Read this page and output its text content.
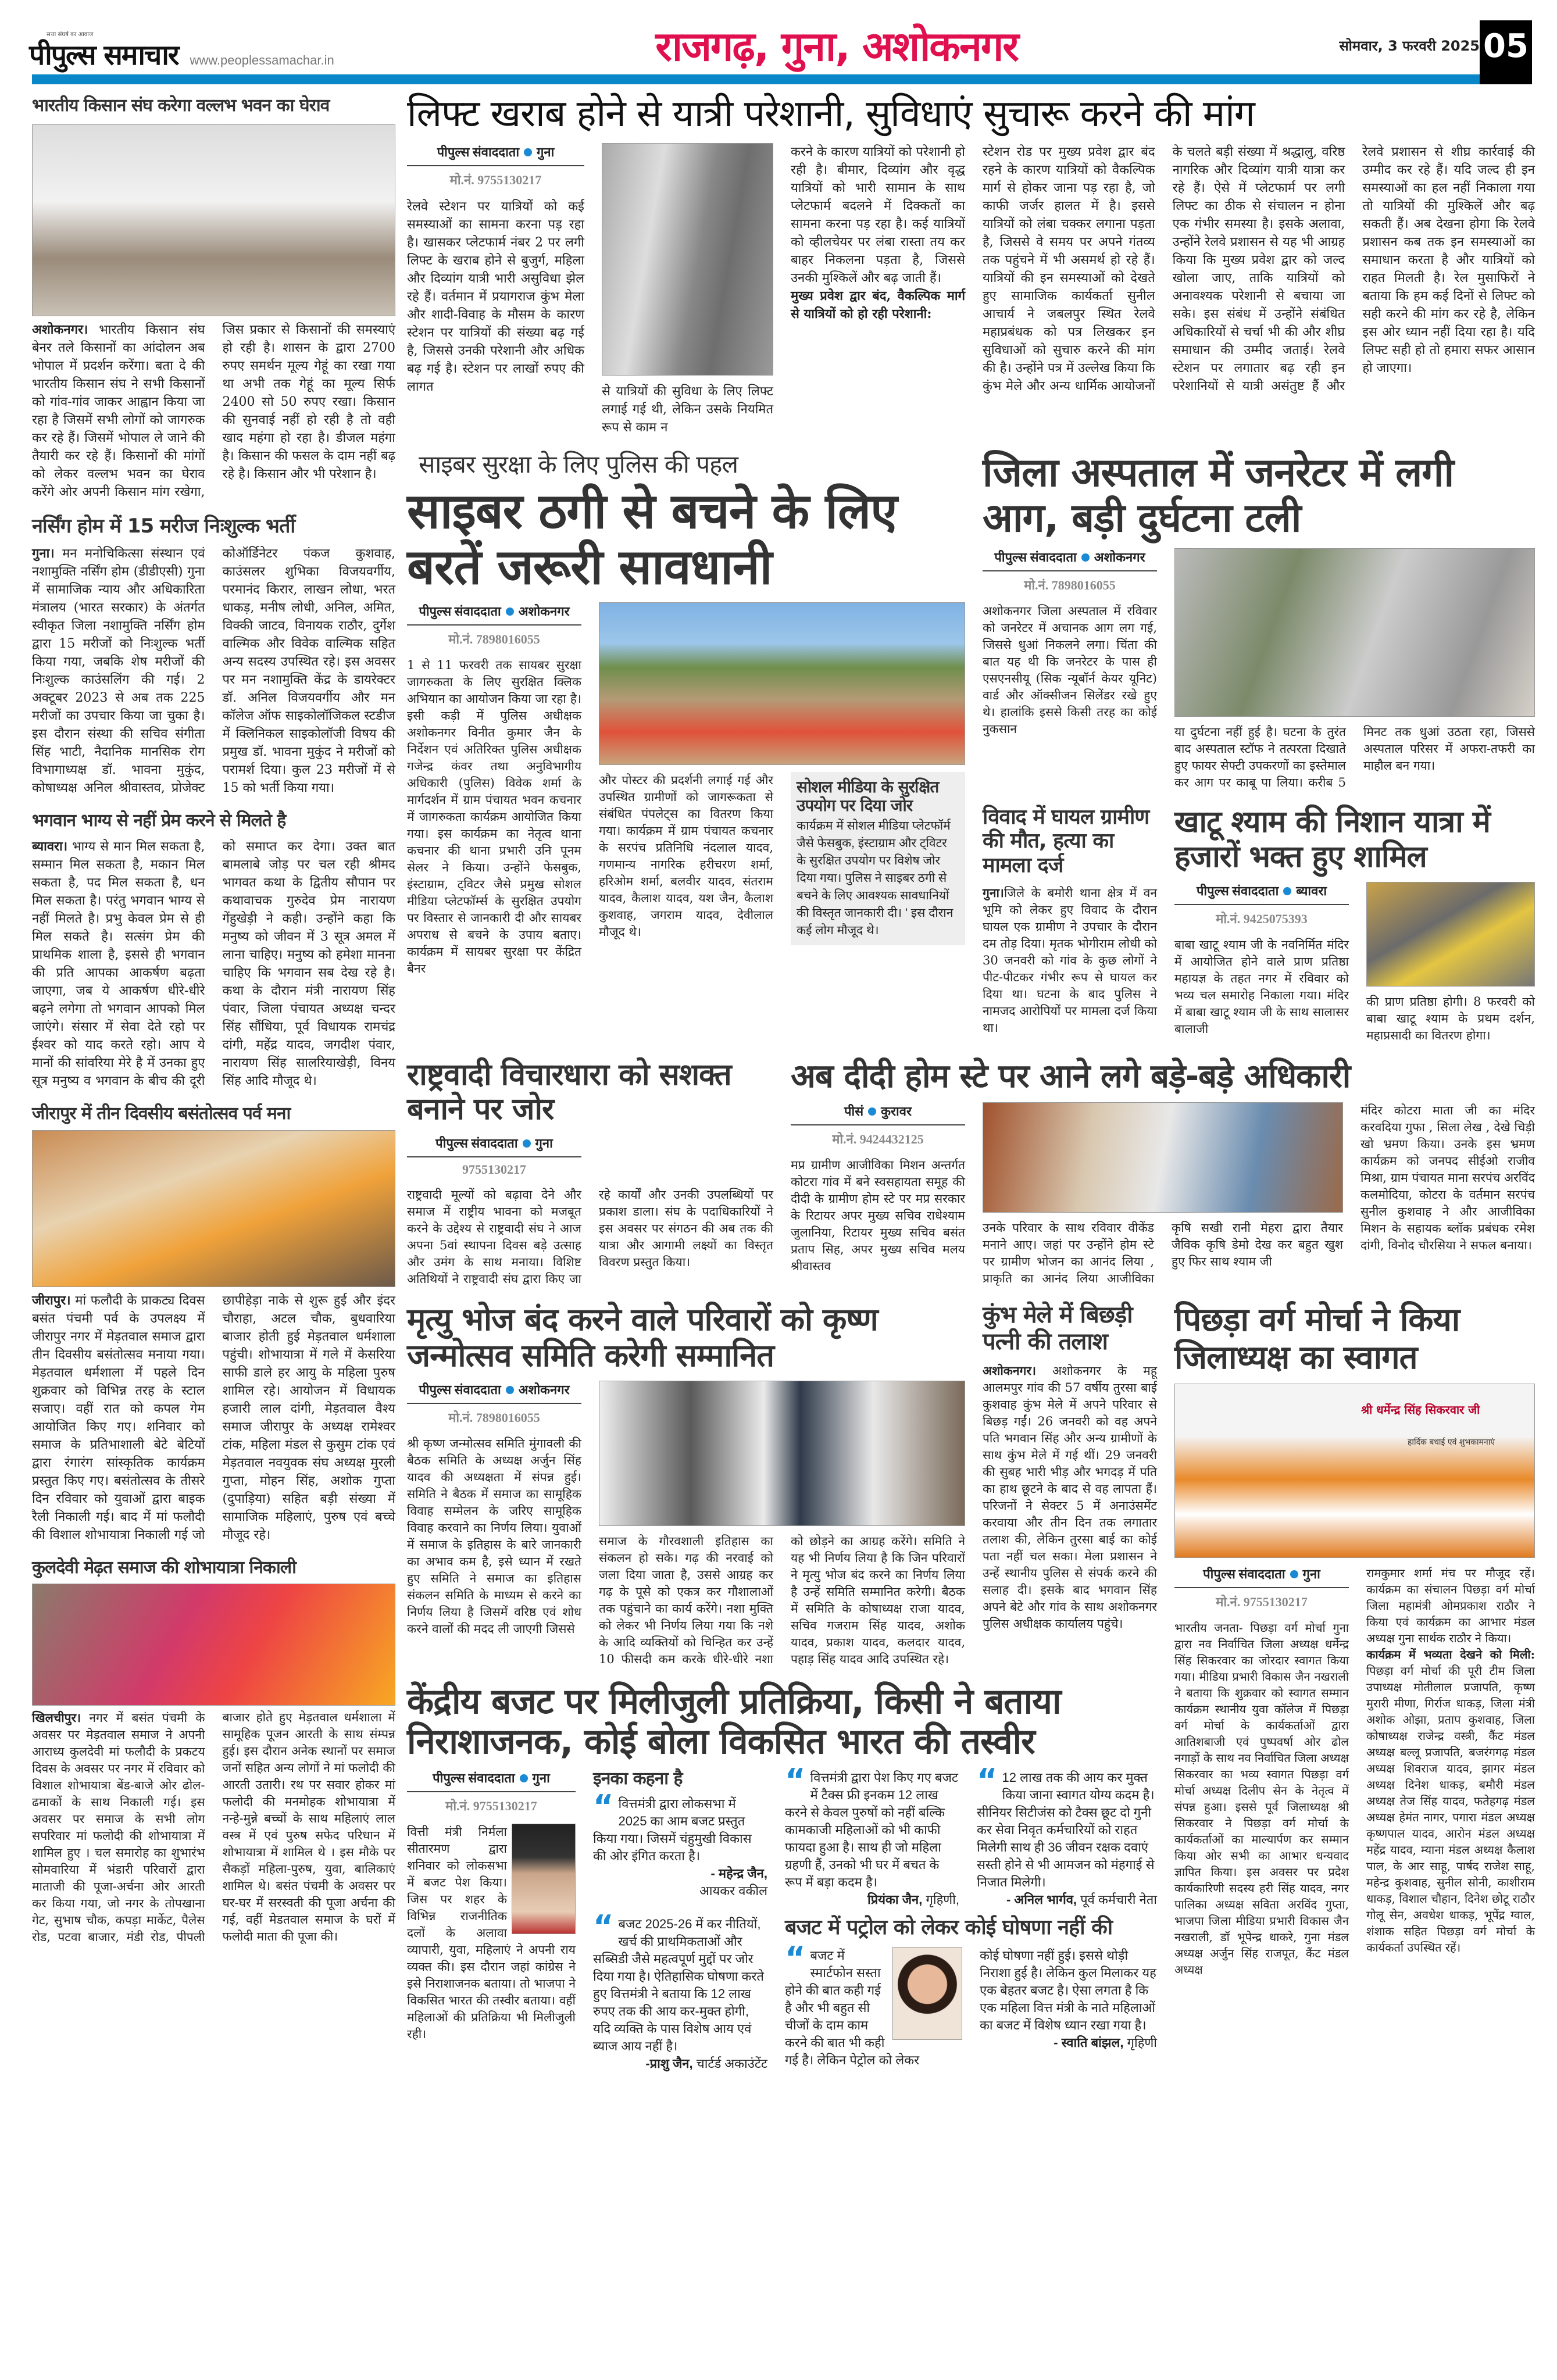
सत्ता संघर्ष का आवाज
पीपुल्स समाचार www.peoplessamachar.in	राजगढ़, गुना, अशोकनगर	सोमवार, 3 फरवरी 2025 05
भारतीय किसान संघ करेगा वल्लभ भवन का घेराव
अशोकनगर। भारतीय किसान संघ बेनर तले किसानों का आंदोलन अब भोपाल में प्रदर्शन करेंगा। बता दे की भारतीय किसान संघ ने सभी किसानों को गांव-गांव जाकर आह्वान किया जा रहा है जिसमें सभी लोगों को जागरुक कर रहे हैं। जिसमें भोपाल ले जाने की तैयारी कर रहे हैं। किसानों की मांगों को लेकर वल्लभ भवन का घेराव करेंगे ओर अपनी किसान मांग रखेगा, जिस प्रकार से किसानों की समस्याएं हो रही है। शासन के द्वारा 2700 रुपए समर्थन मूल्य गेहूं का रखा गया था अभी तक गेहूं का मूल्य सिर्फ 2400 सो 50 रुपए रखा। किसान की सुनवाई नहीं हो रही है तो वही खाद महंगा हो रहा है। डीजल महंगा है। किसान की फसल के दाम नहीं बढ़ रहे है। किसान और भी परेशान है।
नर्सिंग होम में 15 मरीज निःशुल्क भर्ती
गुना। मन मनोचिकित्सा संस्थान एवं नशामुक्ति नर्सिंग होम (डीडीएसी) गुना में सामाजिक न्याय और अधिकारिता मंत्रालय (भारत सरकार) के अंतर्गत स्वीकृत जिला नशामुक्ति नर्सिंग होम द्वारा 15 मरीजों को निःशुल्क भर्ती किया गया, जबकि शेष मरीजों की निःशुल्क काउंसलिंग की गई। 2 अक्टूबर 2023 से अब तक 225 मरीजों का उपचार किया जा चुका है। इस दौरान संस्था की सचिव संगीता सिंह भाटी, नैदानिक मानसिक रोग विभागाध्यक्ष डॉ. भावना मुकुंद, कोषाध्यक्ष अनिल श्रीवास्तव, प्रोजेक्ट कोऑर्डिनेटर पंकज कुशवाह, काउंसलर शुभिका विजयवर्गीय, परमानंद किरार, लाखन लोधा, भरत धाकड़, मनीष लोधी, अनिल, अमित, विक्की जाटव, विनायक राठौर, दुर्गेश वाल्मिक और विवेक वाल्मिक सहित अन्य सदस्य उपस्थित रहे। इस अवसर पर मन नशामुक्ति केंद्र के डायरेक्टर डॉ. अनिल विजयवर्गीय और मन कॉलेज ऑफ साइकोलॉजिकल स्टडीज में क्लिनिकल साइकोलॉजी विषय की प्रमुख डॉ. भावना मुकुंद ने मरीजों को परामर्श दिया। कुल 23 मरीजों में से 15 को भर्ती किया गया।
भगवान भाग्य से नहीं प्रेम करने से मिलते है
ब्यावरा। भाग्य से मान मिल सकता है, सम्मान मिल सकता है, मकान मिल सकता है, पद मिल सकता है, धन मिल सकता है। परंतु भगवान भाग्य से नहीं मिलते है। प्रभु केवल प्रेम से ही मिल सकते है। सत्संग प्रेम की प्राथमिक शाला है, इससे ही भगवान की प्रति आपका आकर्षण बढ़ता जाएगा, जब ये आकर्षण धीरे-धीरे बढ़ने लगेगा तो भगवान आपको मिल जाएंगे। संसार में सेवा देते रहो पर ईश्वर को याद करते रहो। आप ये मानों की सांवरिया मेरे है में उनका हुए सूत्र मनुष्य व भगवान के बीच की दूरी को समाप्त कर देगा। उक्त बात बामलाबे जोड़ पर चल रही श्रीमद भागवत कथा के द्वितीय सौपान पर कथावाचक गुरुदेव प्रेम नारायण गेंहुखेड़ी ने कही। उन्होंने कहा कि मनुष्य को जीवन में 3 सूत्र अमल में लाना चाहिए। मनुष्य को हमेशा मानना चाहिए कि भगवान सब देख रहे है। कथा के दौरान मंत्री नारायण सिंह पंवार, जिला पंचायत अध्यक्ष चन्दर सिंह सौंधिया, पूर्व विधायक रामचंद्र दांगी, महेंद्र यादव, जगदीश पंवार, नारायण सिंह सालरियाखेड़ी, विनय सिंह आदि मौजूद थे।
जीरापुर में तीन दिवसीय बसंतोत्सव पर्व मना
जीरापुर। मां फलौदी के प्राकट्य दिवस बसंत पंचमी पर्व के उपलक्ष्य में जीरापुर नगर में मेड़तवाल समाज द्वारा तीन दिवसीय बसंतोत्सव मनाया गया। मेड़तवाल धर्मशाला में पहले दिन शुक्रवार को विभिन्न तरह के स्टाल सजाए। वहीं रात को कपल गेम आयोजित किए गए। शनिवार को समाज के प्रतिभाशाली बेटे बेटियों द्वारा रंगारंग सांस्कृतिक कार्यक्रम प्रस्तुत किए गए। बसंतोत्सव के तीसरे दिन रविवार को युवाओं द्वारा बाइक रैली निकाली गई। बाद में मां फलौदी की विशाल शोभायात्रा निकाली गई जो छापीहेड़ा नाके से शुरू हुई और इंदर चौराहा, अटल चौक, बुधवारिया बाजार होती हुई मेड़तवाल धर्मशाला पहुंची। शोभायात्रा में गले में केसरिया साफी डाले हर आयु के महिला पुरुष शामिल रहे। आयोजन में विधायक हजारी लाल दांगी, मेड़तवाल वैश्य समाज जीरापुर के अध्यक्ष रामेश्वर टांक, महिला मंडल से कुसुम टांक एवं मेड़तवाल नवयुवक संघ अध्यक्ष मुरली गुप्ता, मोहन सिंह, अशोक गुप्ता (दुपाड़िया) सहित बड़ी संख्या में सामाजिक महिलाएं, पुरुष एवं बच्चे मौजूद रहे।
कुलदेवी मेढ़त समाज की शोभायात्रा निकाली
खिलचीपुर। नगर में बसंत पंचमी के अवसर पर मेड़तवाल समाज ने अपनी आराध्य कुलदेवी मां फलौदी के प्रकटय दिवस के अवसर पर नगर में रविवार को विशाल शोभायात्रा बेंड-बाजे ओर ढोल-ढमाकों के साथ निकाली गई। इस अवसर पर समाज के सभी लोग सपरिवार मां फलोदी की शोभायात्रा में शामिल हुए । चल समारोह का शुभारंभ सोमवारिया में भंडारी परिवारों द्वारा माताजी की पूजा-अर्चना ओर आरती कर किया गया, जो नगर के तोपखाना गेट, सुभाष चौक, कपड़ा मार्केट, पैलेस रोड, पटवा बाजार, मंडी रोड, पीपली बाजार होते हुए मेड़तवाल धर्मशाला में सामूहिक पूजन आरती के साथ संम्पन्न हुई। इस दौरान अनेक स्थानों पर समाज जनों सहित अन्य लोगों ने मां फलोदी की आरती उतारी। रथ पर सवार होकर मां फलोदी की मनमोहक शोभायात्रा में नन्हे-मुन्ने बच्चों के साथ महिलाएं लाल वस्त्र में एवं पुरुष सफेद परिधान में शोभायात्रा में शामिल थे । इस मौके पर सैकड़ों महिला-पुरुष, युवा, बालिकाएं शामिल थे। बसंत पंचमी के अवसर पर घर-घर में सरस्वती की पूजा अर्चना की गई, वहीं मेडतवाल समाज के घरों में फलोदी माता की पूजा की।
लिफ्ट खराब होने से यात्री परेशानी, सुविधाएं सुचारू करने की मांग
पीपुल्स संवाददाता गुना
मो.नं. 9755130217
रेलवे स्टेशन पर यात्रियों को कई समस्याओं का सामना करना पड़ रहा है। खासकर प्लेटफार्म नंबर 2 पर लगी लिफ्ट के खराब होने से बुजुर्ग, महिला और दिव्यांग यात्री भारी असुविधा झेल रहे हैं। वर्तमान में प्रयागराज कुंभ मेला और शादी-विवाह के मौसम के कारण स्टेशन पर यात्रियों की संख्या बढ़ गई है, जिससे उनकी परेशानी और अधिक बढ़ गई है। स्टेशन पर लाखों रुपए की लागत	से यात्रियों की सुविधा के लिए लिफ्ट लगाई गई थी, लेकिन उसके नियमित रूप से काम न
करने के कारण यात्रियों को परेशानी हो रही है। बीमार, दिव्यांग और वृद्ध यात्रियों को भारी सामान के साथ प्लेटफार्म बदलने में दिक्कतों का सामना करना पड़ रहा है। कई यात्रियों को व्हीलचेयर पर लंबा रास्ता तय कर बाहर निकलना पड़ता है, जिससे उनकी मुश्किलें और बढ़ जाती हैं।
मुख्य प्रवेश द्वार बंद, वैकल्पिक मार्ग से यात्रियों को हो रही परेशानी:
स्टेशन रोड पर मुख्य प्रवेश द्वार बंद रहने के कारण यात्रियों को वैकल्पिक मार्ग से होकर जाना पड़ रहा है, जो काफी जर्जर हालत में है। इससे यात्रियों को लंबा चक्कर लगाना पड़ता है, जिससे वे समय पर अपने गंतव्य तक पहुंचने में भी असमर्थ हो रहे हैं। यात्रियों की इन समस्याओं को देखते हुए सामाजिक कार्यकर्ता सुनील आचार्य ने जबलपुर स्थित रेलवे महाप्रबंधक को पत्र लिखकर इन सुविधाओं को सुचारु करने की मांग की है। उन्होंने पत्र में उल्लेख किया कि कुंभ मेले और अन्य धार्मिक आयोजनों के चलते बड़ी संख्या में श्रद्धालु, वरिष्ठ नागरिक और दिव्यांग यात्री यात्रा कर रहे हैं। ऐसे में प्लेटफार्म पर लगी लिफ्ट का ठीक से संचालन न होना एक गंभीर समस्या है। इसके अलावा, उन्होंने रेलवे प्रशासन से यह भी आग्रह किया कि मुख्य प्रवेश द्वार को जल्द खोला जाए, ताकि यात्रियों को अनावश्यक परेशानी से बचाया जा सके। इस संबंध में उन्होंने संबंधित अधिकारियों से चर्चा भी की और शीघ्र समाधान की उम्मीद जताई। रेलवे स्टेशन पर लगातार बढ़ रही इन परेशानियों से यात्री असंतुष्ट हैं और रेलवे प्रशासन से शीघ्र कार्रवाई की उम्मीद कर रहे हैं। यदि जल्द ही इन समस्याओं का हल नहीं निकाला गया तो यात्रियों की मुश्किलें और बढ़ सकती हैं। अब देखना होगा कि रेलवे प्रशासन कब तक इन समस्याओं का समाधान करता है और यात्रियों को राहत मिलती है। रेल मुसाफिरों ने बताया कि हम कई दिनों से लिफ्ट को सही करने की मांग कर रहे है, लेकिन इस ओर ध्यान नहीं दिया रहा है। यदि लिफ्ट सही हो तो हमारा सफर आसान हो जाएगा।
साइबर सुरक्षा के लिए पुलिस की पहल
साइबर ठगी से बचने के लिए बरतें जरूरी सावधानी
पीपुल्स संवाददाता अशोकनगर
मो.नं. 7898016055
1 से 11 फरवरी तक सायबर सुरक्षा जागरुकता के लिए सुरक्षित क्लिक अभियान का आयोजन किया जा रहा है। इसी कड़ी में पुलिस अधीक्षक अशोकनगर विनीत कुमार जैन के निर्देशन एवं अतिरिक्त पुलिस अधीक्षक गजेन्द्र कंवर तथा अनुविभागीय अधिकारी (पुलिस) विवेक शर्मा के मार्गदर्शन में ग्राम पंचायत भवन कचनार में जागरुकता कार्यक्रम आयोजित किया गया। इस कार्यक्रम का नेतृत्व थाना कचनार की थाना प्रभारी उनि पूनम सेलर ने किया। उन्होंने फेसबुक, इंस्टाग्राम, ट्विटर जैसे प्रमुख सोशल मीडिया प्लेटफॉर्म्स के सुरक्षित उपयोग पर विस्तार से जानकारी दी और सायबर अपराध से बचने के उपाय बताए। कार्यक्रम में सायबर सुरक्षा पर केंद्रित बैनर
और पोस्टर की प्रदर्शनी लगाई गई और उपस्थित ग्रामीणों को जागरूकता से संबंधित पंपलेट्स का वितरण किया गया। कार्यक्रम में ग्राम पंचायत कचनार के सरपंच प्रतिनिधि नंदलाल यादव, गणमान्य नागरिक हरीचरण शर्मा, हरिओम शर्मा, बलवीर यादव, संतराम यादव, कैलाश यादव, यश जैन, कैलाश कुशवाह, जगराम यादव, देवीलाल मौजूद थे।
सोशल मीडिया के सुरक्षित उपयोग पर दिया जोर
कार्यक्रम में सोशल मीडिया प्लेटफॉर्म जैसे फेसबुक, इंस्टाग्राम और ट्विटर के सुरक्षित उपयोग पर विशेष जोर दिया गया। पुलिस ने साइबर ठगी से बचने के लिए आवश्यक सावधानियों की विस्तृत जानकारी दी। ' इस दौरान कई लोग मौजूद थे।
जिला अस्पताल में जनरेटर में लगी आग, बड़ी दुर्घटना टली
पीपुल्स संवाददाता अशोकनगर
मो.नं. 7898016055
अशोकनगर जिला अस्पताल में रविवार को जनरेटर में अचानक आग लग गई, जिससे धुआं निकलने लगा। चिंता की बात यह थी कि जनरेटर के पास ही एसएनसीयू (सिक न्यूबॉर्न केयर यूनिट) वार्ड और ऑक्सीजन सिलेंडर रखे हुए थे। हालांकि इससे किसी तरह का कोई नुकसान	या दुर्घटना नहीं हुई है। घटना के तुरंत बाद अस्पताल स्टॉफ ने तत्परता दिखाते हुए फायर सेफ्टी उपकरणों का इस्तेमाल कर आग पर काबू पा लिया। करीब 5 मिनट तक धुआं उठता रहा, जिससे अस्पताल परिसर में अफरा-तफरी का माहौल बन गया।
विवाद में घायल ग्रामीण की मौत, हत्या का मामला दर्ज
गुना।जिले के बमोरी थाना क्षेत्र में वन भूमि को लेकर हुए विवाद के दौरान घायल एक ग्रामीण ने उपचार के दौरान दम तोड़ दिया। मृतक भोगीराम लोधी को 30 जनवरी को गांव के कुछ लोगों ने पीट-पीटकर गंभीर रूप से घायल कर दिया था। घटना के बाद पुलिस ने नामजद आरोपियों पर मामला दर्ज किया था।
खाटू श्याम की निशान यात्रा में हजारों भक्त हुए शामिल
पीपुल्स संवाददाता ब्यावरा
मो.नं. 9425075393
बाबा खाटू श्याम जी के नवनिर्मित मंदिर में आयोजित होने वाले प्राण प्रतिष्ठा महायज्ञ के तहत नगर में रविवार को भव्य चल समारोह निकाला गया। मंदिर में बाबा खाटू श्याम जी के साथ सालासर बालाजी
की प्राण प्रतिष्ठा होगी। 8 फरवरी को बाबा खाटू श्याम के प्रथम दर्शन, महाप्रसादी का वितरण होगा।
राष्ट्रवादी विचारधारा को सशक्त बनाने पर जोर
पीपुल्स संवाददाता गुना
9755130217
राष्ट्रवादी मूल्यों को बढ़ावा देने और समाज में राष्ट्रीय भावना को मजबूत करने के उद्देश्य से राष्ट्रवादी संघ ने आज अपना 5वां स्थापना दिवस बड़े उत्साह और उमंग के साथ मनाया। विशिष्ट अतिथियों ने राष्ट्रवादी संघ द्वारा किए जा रहे कार्यों और उनकी उपलब्धियों पर प्रकाश डाला। संघ के पदाधिकारियों ने इस अवसर पर संगठन की अब तक की यात्रा और आगामी लक्ष्यों का विस्तृत विवरण प्रस्तुत किया।
अब दीदी होम स्टे पर आने लगे बड़े-बड़े अधिकारी
पीसं कुरावर
मो.नं. 9424432125
मप्र ग्रामीण आजीविका मिशन अन्तर्गत कोटरा गांव में बने स्वसहायता समूह की दीदी के ग्रामीण होम स्टे पर मप्र सरकार के रिटायर अपर मुख्य सचिव राधेश्याम जुलानिया, रिटायर मुख्य सचिव बसंत प्रताप सिह, अपर मुख्य सचिव मलय श्रीवास्तव
उनके परिवार के साथ रविवार वीकेंड मनाने आए। जहां पर उन्होंने होम स्टे पर ग्रामीण भोजन का आनंद लिया , प्राकृति का आनंद लिया आजीविका कृषि सखी रानी मेहरा द्वारा तैयार जैविक कृषि डेमो देख कर बहुत खुश हुए फिर साथ श्याम जी
मंदिर कोटरा माता जी का मंदिर करवदिया गुफा , सिला लेख , देखे चिड़ी खो भ्रमण किया। उनके इस भ्रमण कार्यक्रम को जनपद सीईओ राजीव मिश्रा, ग्राम पंचायत माना सरपंच अरविंद कलमोदिया, कोटरा के वर्तमान सरपंच सुनील कुशवाह ने और आजीविका मिशन के सहायक ब्लॉक प्रबंधक रमेश दांगी, विनोद चौरसिया ने सफल बनाया।
मृत्यु भोज बंद करने वाले परिवारों को कृष्ण जन्मोत्सव समिति करेगी सम्मानित
पीपुल्स संवाददाता अशोकनगर
मो.नं. 7898016055
श्री कृष्ण जन्मोत्सव समिति मुंगावली की बैठक समिति के अध्यक्ष अर्जुन सिंह यादव की अध्यक्षता में संपन्न हुई। समिति ने बैठक में समाज का सामूहिक विवाह सम्मेलन के जरिए सामूहिक विवाह करवाने का निर्णय लिया। युवाओं में समाज के इतिहास के बारे जानकारी का अभाव कम है, इसे ध्यान में रखते हुए समिति ने समाज का इतिहास संकलन समिति के माध्यम से करने का निर्णय लिया है जिसमें वरिष्ठ एवं शोध करने वालों की मदद ली जाएगी जिससे
समाज के गौरवशाली इतिहास का संकलन हो सके। गढ़ की नरवाई को जला दिया जाता है, उससे आग्रह कर गढ़ के पूसे को एकत्र कर गौशालाओं तक पहुंचाने का कार्य करेंगे। नशा मुक्ति को लेकर भी निर्णय लिया गया कि नशे के आदि व्यक्तियों को चिन्हित कर उन्हें 10 फीसदी कम करके धीरे-धीरे नशा को छोड़ने का आग्रह करेंगे। समिति ने यह भी निर्णय लिया है कि जिन परिवारों ने मृत्यु भोज बंद करने का निर्णय लिया है उन्हें समिति सम्मानित करेगी। बैठक में समिति के कोषाध्यक्ष राजा यादव, सचिव गजराम सिंह यादव, अशोक यादव, प्रकाश यादव, कलदार यादव, पहाड़ सिंह यादव आदि उपस्थित रहे।
कुंभ मेले में बिछड़ी पत्नी की तलाश
अशोकनगर। अशोकनगर के महू आलमपुर गांव की 57 वर्षीय तुरसा बाई कुशवाह कुंभ मेले में अपने परिवार से बिछड़ गईं। 26 जनवरी को वह अपने पति भगवान सिंह और अन्य ग्रामीणों के साथ कुंभ मेले में गई थीं। 29 जनवरी की सुबह भारी भीड़ और भगदड़ में पति का हाथ छूटने के बाद से वह लापता हैं। परिजनों ने सेक्टर 5 में अनाउंसमेंट करवाया और तीन दिन तक लगातार तलाश की, लेकिन तुरसा बाई का कोई पता नहीं चल सका। मेला प्रशासन ने उन्हें स्थानीय पुलिस से संपर्क करने की सलाह दी। इसके बाद भगवान सिंह अपने बेटे और गांव के साथ अशोकनगर पुलिस अधीक्षक कार्यालय पहुंचे।
केंद्रीय बजट पर मिलीजुली प्रतिक्रिया, किसी ने बताया निराशाजनक, कोई बोला विकसित भारत की तस्वीर
पीपुल्स संवाददाता गुना
मो.नं. 9755130217
वित्ती मंत्री निर्मला सीतारमण द्वारा शनिवार को लोकसभा में बजट पेश किया। जिस पर शहर के विभिन्न राजनीतिक दलों के अलावा व्यापारी, युवा, महिलाएं ने अपनी राय व्यक्त की। इस दौरान जहां कांग्रेस ने इसे निराशाजनक बताया। तो भाजपा ने विकसित भारत की तस्वीर बताया। वहीं महिलाओं की प्रतिक्रिया भी मिलीजुली रही।
इनका कहना है
“ वित्तमंत्री द्वारा लोकसभा में 2025 का आम बजट प्रस्तुत किया गया। जिसमें चंहुमुखी विकास की ओर इंगित करता है।
- महेन्द्र जैन,
आयकर वकील
“ वित्तमंत्री द्वारा पेश किए गए बजट में टैक्स फ्री इनकम 12 लाख करने से केवल पुरुषों को नहीं बल्कि कामकाजी महिलाओं को भी काफी फायदा हुआ है। साथ ही जो महिला ग्रहणी हैं, उनको भी घर में बचत के रूप में बड़ा कदम है।
प्रियंका जैन, गृहिणी,
“ 12 लाख तक की आय कर मुक्त किया जाना स्वागत योग्य कदम है। सीनियर सिटीजंस को टैक्स छूट दो गुनी कर सेवा निवृत कर्मचारियों को राहत मिलेगी साथ ही 36 जीवन रक्षक दवाएं सस्ती होने से भी आमजन को मंहगाई से निजात मिलेगी।
- अनिल भार्गव, पूर्व कर्मचारी नेता
“ बजट 2025-26 में कर नीतियों, खर्च की प्राथमिकताओं और सब्सिडी जैसे महत्वपूर्ण मुद्दों पर जोर दिया गया है। ऐतिहासिक घोषणा करते हुए वित्तमंत्री ने बताया कि 12 लाख रुपए तक की आय कर-मुक्त होगी, यदि व्यक्ति के पास विशेष आय एवं ब्याज आय नहीं है।
-प्राशु जैन, चार्टर्ड अकाउंटेंट
बजट में पट्रोल को लेकर कोई घोषणा नहीं की
“ बजट में स्मार्टफोन सस्ता होने की बात कही गई है और भी बहुत सी चीजों के दाम काम करने की बात भी कही गई है। लेकिन पेट्रोल को लेकर
कोई घोषणा नहीं हुई। इससे थोड़ी निराशा हुई है। लेकिन कुल मिलाकर यह एक बेहतर बजट है। ऐसा लगता है कि एक महिला वित्त मंत्री के नाते महिलाओं का बजट में विशेष ध्यान रखा गया है।
- स्वाति बांझल, गृहिणी
पिछड़ा वर्ग मोर्चा ने किया जिलाध्यक्ष का स्वागत
श्री धर्मेन्द्र सिंह सिकरवार जी
हार्दिक बधाई एवं शुभकामनाएं
पीपुल्स संवाददाता गुना
मो.नं. 9755130217
भारतीय जनता- पिछड़ा वर्ग मोर्चा गुना द्वारा नव निर्वाचित जिला अध्यक्ष धर्मेन्द्र सिंह सिकरवार का जोरदार स्वागत किया गया। मीडिया प्रभारी विकास जैन नखराली ने बताया कि शुक्रवार को स्वागत सम्मान कार्यक्रम स्थानीय युवा कॉलेज में पिछड़ा वर्ग मोर्चा के कार्यकर्ताओं द्वारा आतिशबाजी एवं पुष्पवर्षा ओर ढोल नगाड़ों के साथ नव निर्वाचित जिला अध्यक्ष सिकरवार का भव्य स्वागत पिछड़ा वर्ग मोर्चा अध्यक्ष दिलीप सेन के नेतृत्व में संपन्न हुआ। इससे पूर्व जिलाध्यक्ष श्री सिकरवार ने पिछड़ा वर्ग मोर्चा के कार्यकर्ताओं का माल्यार्पण कर सम्मान किया ओर सभी का आभार धन्यवाद ज्ञापित किया। इस अवसर पर प्रदेश कार्यकारिणी सदस्य हरी सिंह यादव, नगर पालिका अध्यक्ष सविता अरविंद गुप्ता, भाजपा जिला मीडिया प्रभारी विकास जैन नखराली, डॉ भूपेन्द्र धाकरे, गुना मंडल अध्यक्ष अर्जुन सिंह राजपूत, कैंट मंडल अध्यक्ष
रामकुमार शर्मा मंच पर मौजूद रहें। कार्यक्रम का संचालन पिछड़ा वर्ग मोर्चा जिला महामंत्री ओमप्रकाश राठौर ने किया एवं कार्यक्रम का आभार मंडल अध्यक्ष गुना सार्थक राठौर ने किया।
कार्यक्रम में भव्यता देखने को मिली: पिछड़ा वर्ग मोर्चा की पूरी टीम जिला उपाध्यक्ष मोतीलाल प्रजापति, कृष्ण मुरारी मीणा, गिर्राज धाकड़, जिला मंत्री अशोक ओझा, प्रताप कुशवाह, जिला कोषाध्यक्ष राजेन्द्र वस्त्री, कैंट मंडल अध्यक्ष बल्लू प्रजापति, बजरंगगढ़ मंडल अध्यक्ष शिवराज यादव, झागर मंडल अध्यक्ष दिनेश धाकड़, बमौरी मंडल अध्यक्ष तेज सिंह यादव, फतेहगढ़ मंडल अध्यक्ष हेमंत नागर, पगारा मंडल अध्यक्ष कृष्णपाल यादव, आरोन मंडल अध्यक्ष महेंद्र यादव, म्याना मंडल अध्यक्ष कैलाश पाल, के आर साहू, पार्षद राजेश साहू, महेन्द्र कुशवाह, सुनील सोनी, काशीराम धाकड़, विशाल चौहान, दिनेश छोटू राठौर गोलू सेन, अवधेश धाकड़, भूपेंद्र ग्वाल, शंशाक सहित पिछड़ा वर्ग मोर्चा के कार्यकर्ता उपस्थित रहें।
